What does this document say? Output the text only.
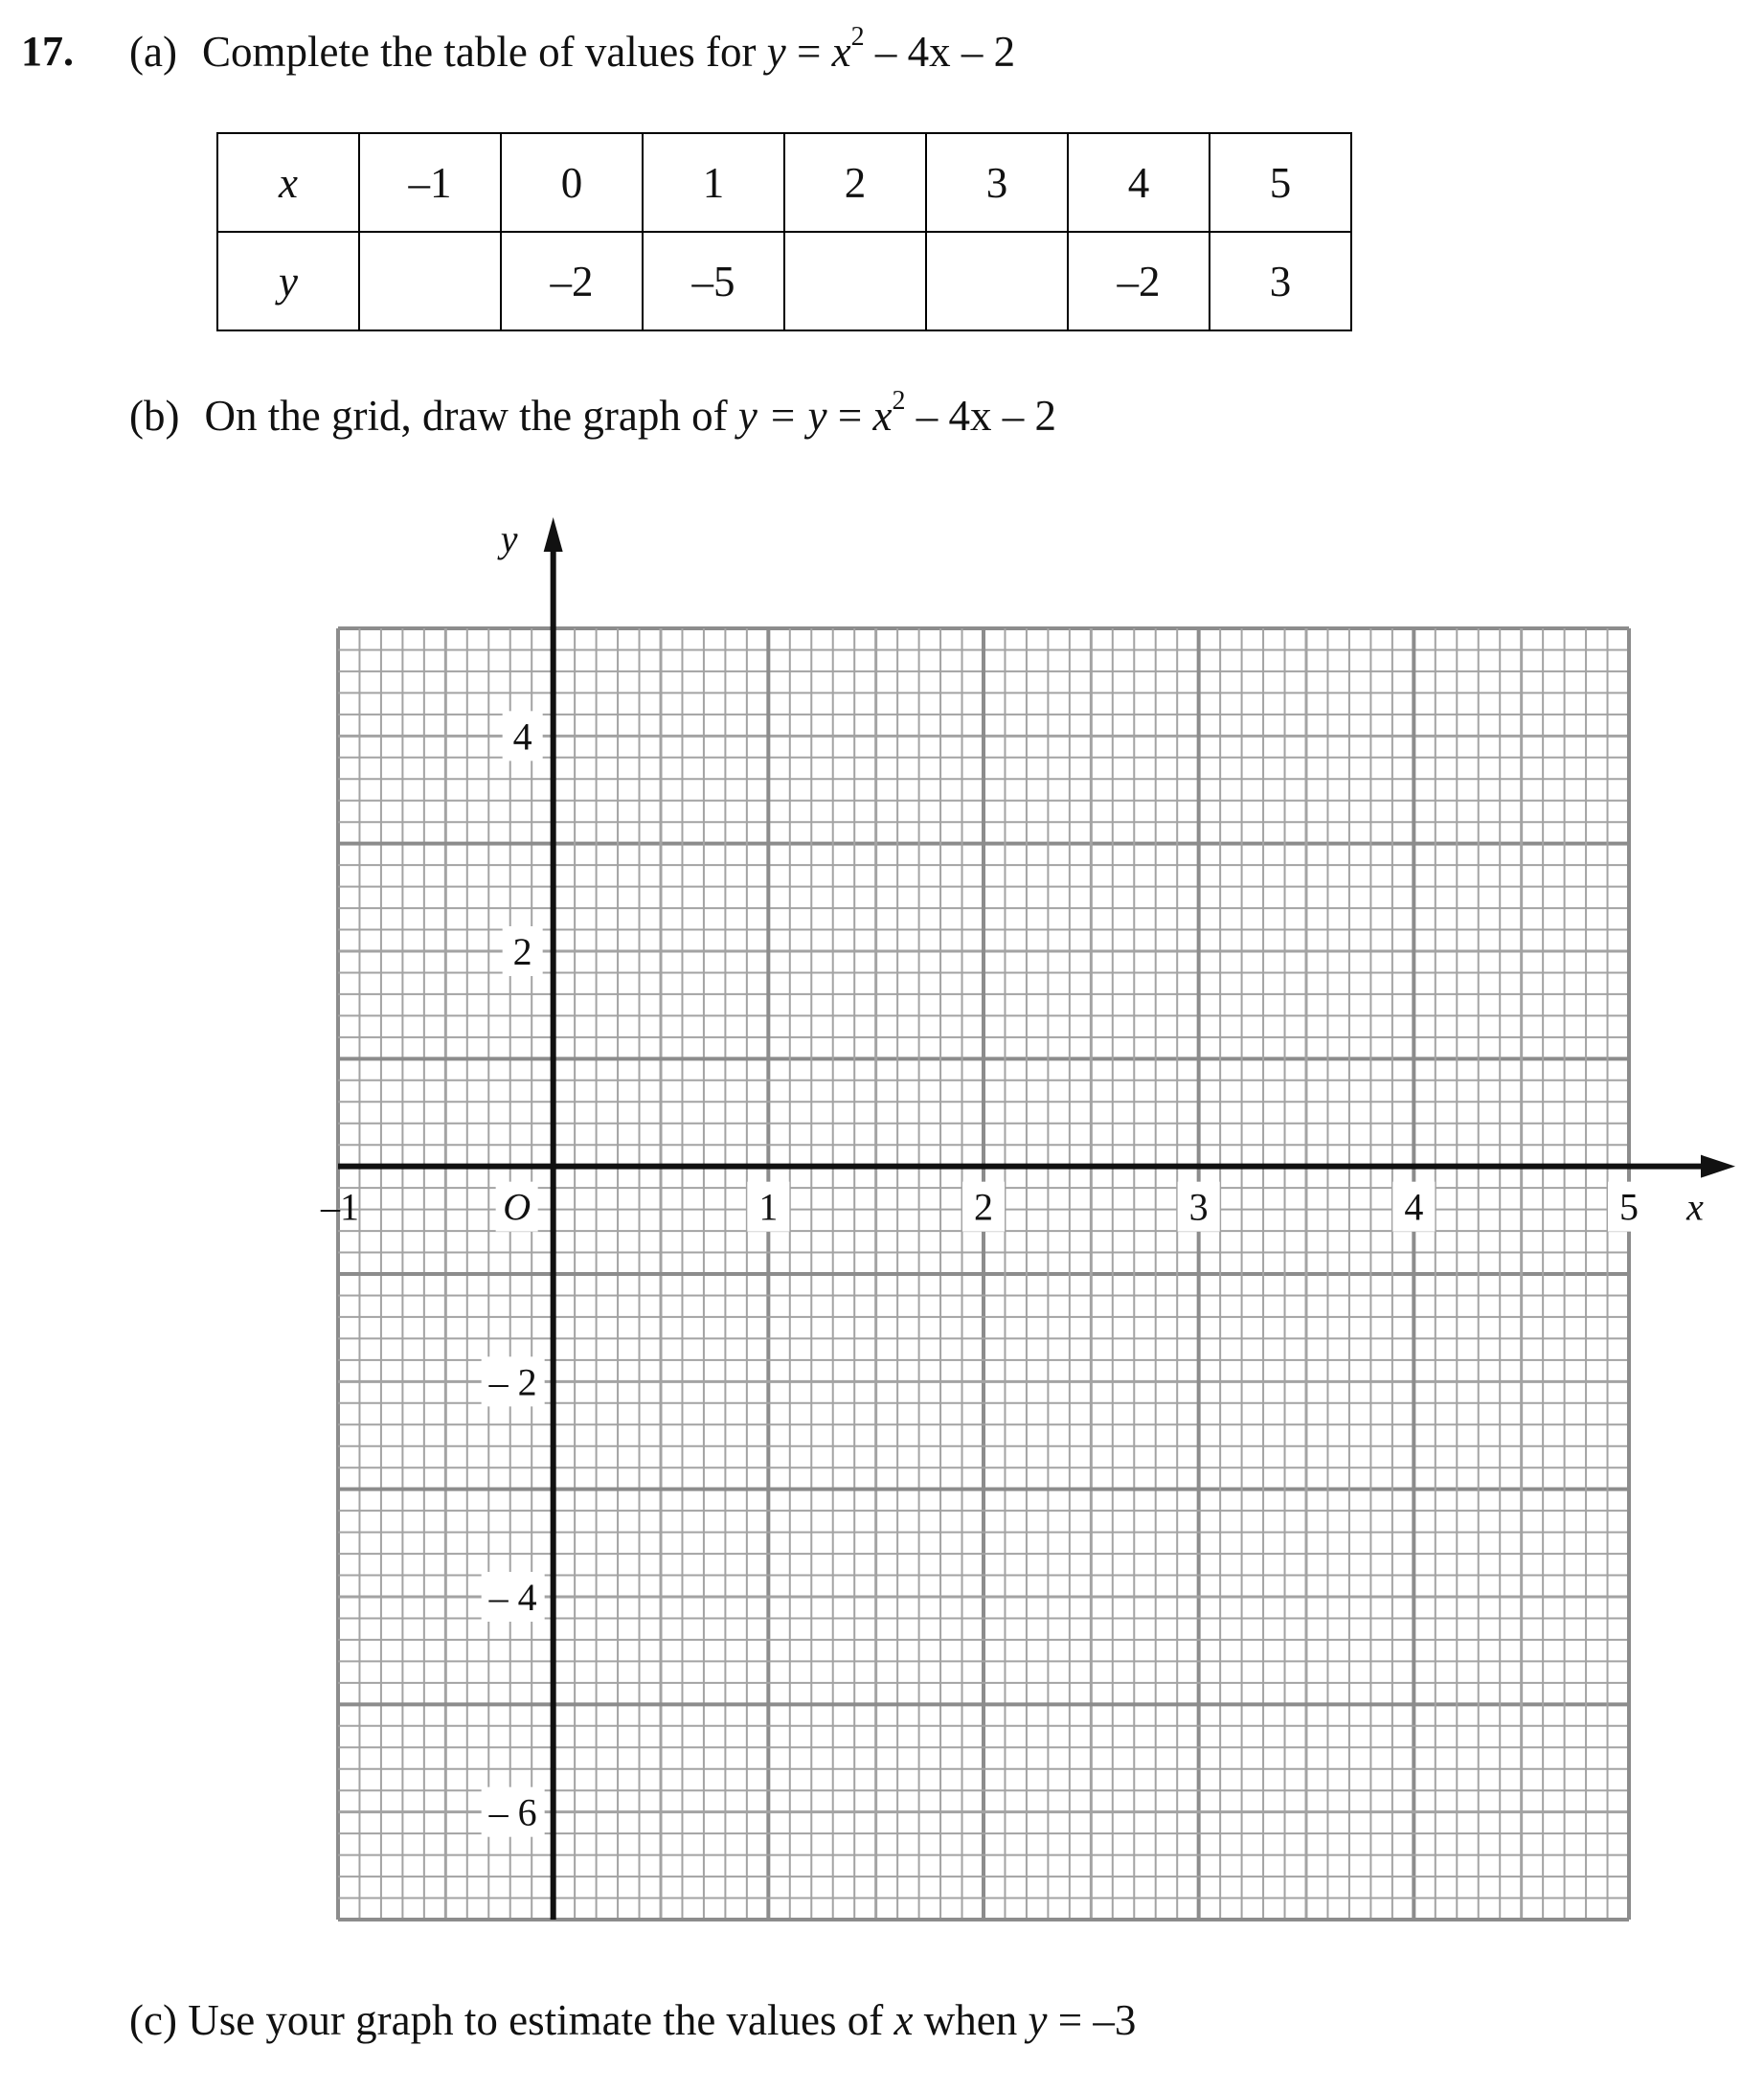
17. (a) Complete the table of values for $y = x^2 - 4x - 2$
x	–1	0	1	2	3	4	5
y		–2	–5			–2	3
(b) On the grid, draw the graph of $y = y = x^2 - 4x - 2$
–1	1	2	3	4	5
O
4
2
– 2
– 4
– 6
x
y
(c) Use your graph to estimate the values of x when y = –3
